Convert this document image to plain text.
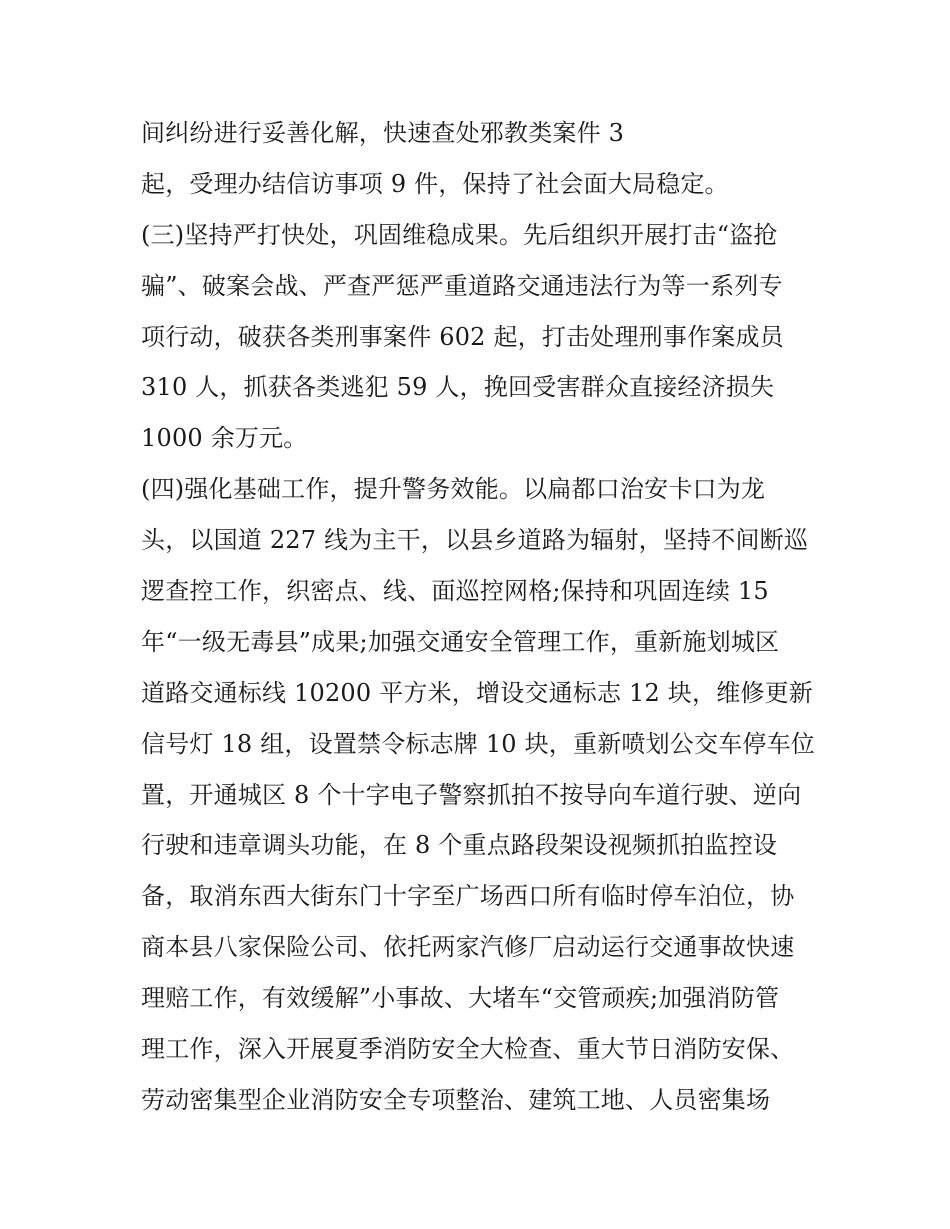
间纠纷进行妥善化解，快速查处邪教类案件 3
起，受理办结信访事项 9 件，保持了社会面大局稳定。
(三)坚持严打快处，巩固维稳成果。先后组织开展打击“盗抢
骗”、破案会战、严查严惩严重道路交通违法行为等一系列专
项行动，破获各类刑事案件 602 起，打击处理刑事作案成员
310 人，抓获各类逃犯 59 人，挽回受害群众直接经济损失
1000 余万元。
(四)强化基础工作，提升警务效能。以扁都口治安卡口为龙
头，以国道 227 线为主干，以县乡道路为辐射，坚持不间断巡
逻查控工作，织密点、线、面巡控网格;保持和巩固连续 15
年“一级无毒县”成果;加强交通安全管理工作，重新施划城区
道路交通标线 10200 平方米，增设交通标志 12 块，维修更新
信号灯 18 组，设置禁令标志牌 10 块，重新喷划公交车停车位
置，开通城区 8 个十字电子警察抓拍不按导向车道行驶、逆向
行驶和违章调头功能，在 8 个重点路段架设视频抓拍监控设
备，取消东西大街东门十字至广场西口所有临时停车泊位，协
商本县八家保险公司、依托两家汽修厂启动运行交通事故快速
理赔工作，有效缓解”小事故、大堵车“交管顽疾;加强消防管
理工作，深入开展夏季消防安全大检查、重大节日消防安保、
劳动密集型企业消防安全专项整治、建筑工地、人员密集场
